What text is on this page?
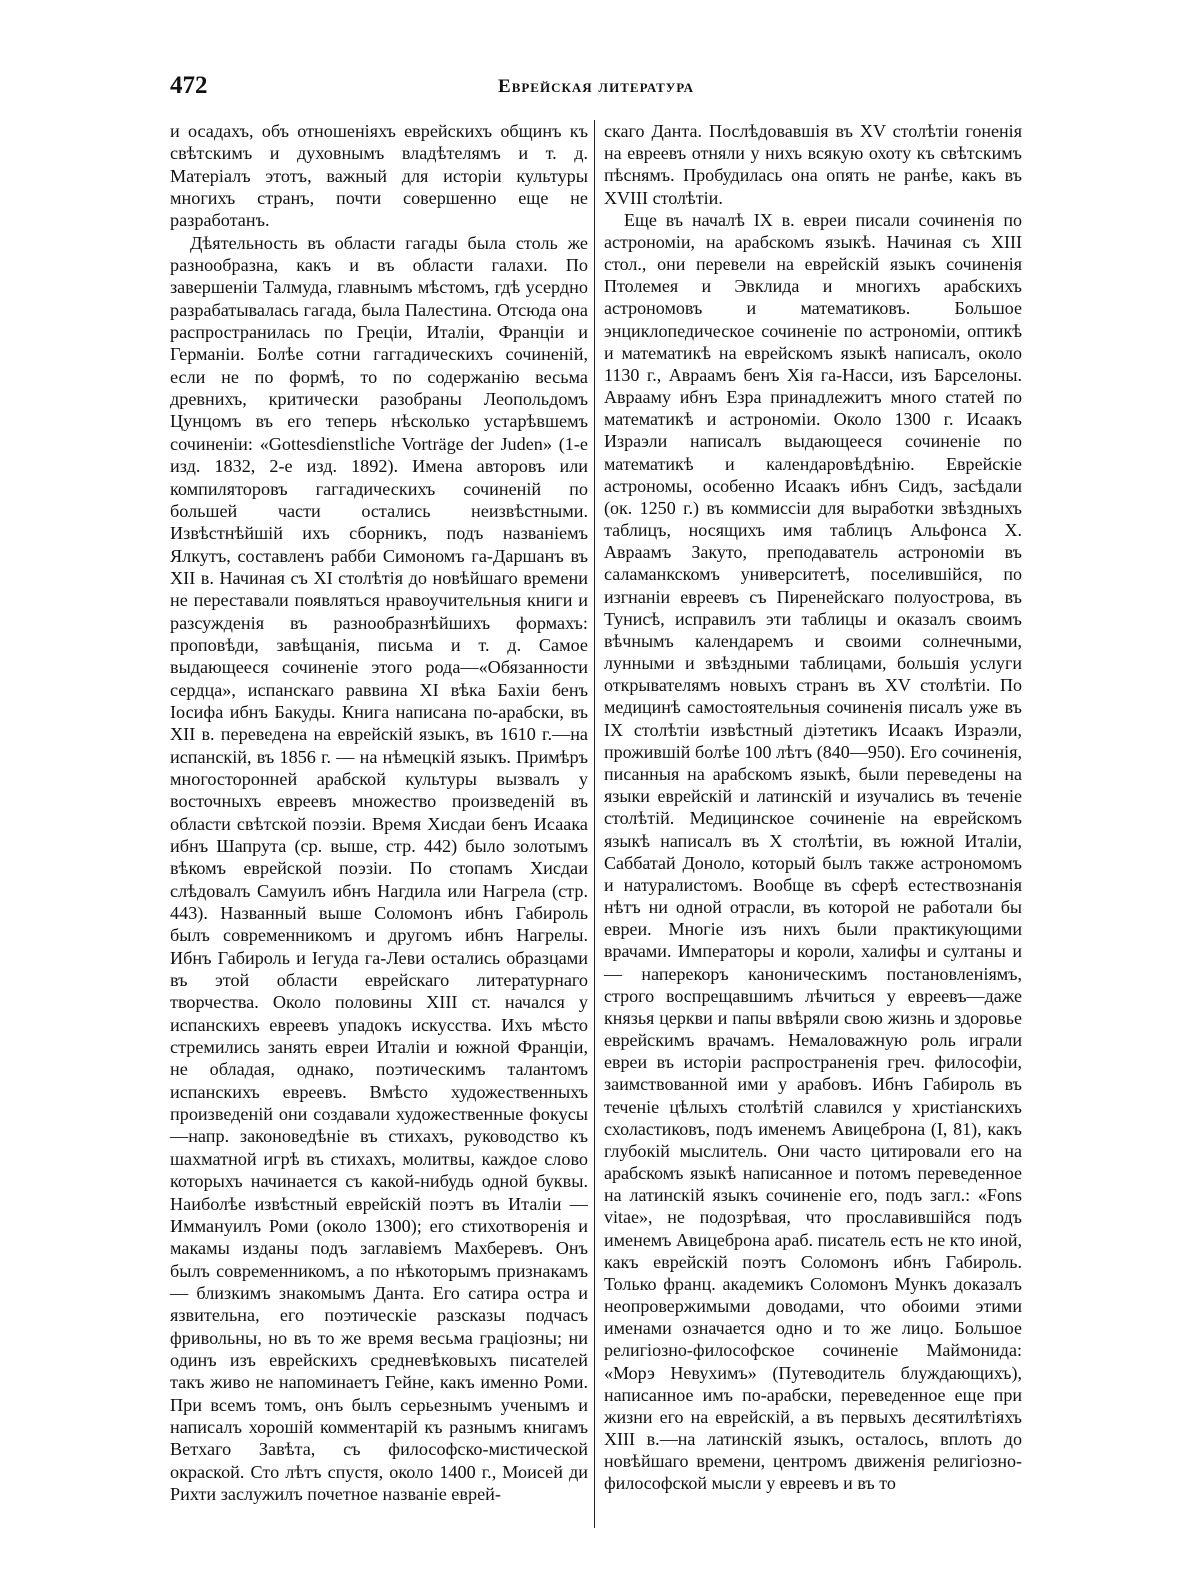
472	Еврейская литература

и осадахъ, объ отношеніяхъ еврейскихъ общинъ къ свѣтскимъ и духовнымъ владѣтелямъ и т. д. Матеріалъ этотъ, важный для исторіи культуры многихъ странъ, почти совершенно еще не разработанъ.

Дѣятельность въ области гагады была столь же разнообразна, какъ и въ области галахи. По завершеніи Талмуда, главнымъ мѣстомъ, гдѣ усердно разрабатывалась гагада, была Палестина. Отсюда она распространилась по Греціи, Италіи, Франціи и Германіи. Болѣе сотни гаггадическихъ сочиненій, если не по формѣ, то по содержанію весьма древнихъ, критически разобраны Леопольдомъ Цунцомъ въ его теперь нѣсколько устарѣвшемъ сочиненіи: «Gottesdienstliche Vorträge der Juden» (1-е изд. 1832, 2-е изд. 1892). Имена авторовъ или компиляторовъ гаггадическихъ сочиненій по большей части остались неизвѣстными. Извѣстнѣйшій ихъ сборникъ, подъ названіемъ Ялкутъ, составленъ рабби Симономъ га-Даршанъ въ XII в. Начиная съ XI столѣтія до новѣйшаго времени не переставали появляться нравоучительныя книги и разсужденія въ разнообразнѣйшихъ формахъ: проповѣди, завѣщанія, письма и т. д. Самое выдающееся сочиненіе этого рода—«Обязанности сердца», испанскаго раввина XI вѣка Бахіи бенъ Іосифа ибнъ Бакуды. Книга написана по-арабски, въ XII в. переведена на еврейскій языкъ, въ 1610 г.—на испанскій, въ 1856 г. — на нѣмецкій языкъ. Примѣръ многосторонней арабской культуры вызвалъ у восточныхъ евреевъ множество произведеній въ области свѣтской поэзіи. Время Хисдаи бенъ Исаака ибнъ Шапрута (ср. выше, стр. 442) было золотымъ вѣкомъ еврейской поэзіи. По стопамъ Хисдаи слѣдовалъ Самуилъ ибнъ Нагдила или Нагрела (стр. 443). Названный выше Соломонъ ибнъ Габироль былъ современникомъ и другомъ ибнъ Нагрелы. Ибнъ Габироль и Іегуда га-Леви остались образцами въ этой области еврейскаго литературнаго творчества. Около половины XIII ст. начался у испанскихъ евреевъ упадокъ искусства. Ихъ мѣсто стремились занять евреи Италіи и южной Франціи, не обладая, однако, поэтическимъ талантомъ испанскихъ евреевъ. Вмѣсто художественныхъ произведеній они создавали художественные фокусы—напр. законоведѣніе въ стихахъ, руководство къ шахматной игрѣ въ стихахъ, молитвы, каждое слово которыхъ начинается съ какой-нибудь одной буквы. Наиболѣе извѣстный еврейскій поэтъ въ Италіи — Иммануилъ Роми (около 1300); его стихотворенія и макамы изданы подъ заглавіемъ Махберевъ. Онъ былъ современникомъ, а по нѣкоторымъ признакамъ — близкимъ знакомымъ Данта. Его сатира остра и язвительна, его поэтическіе разсказы подчасъ фривольны, но въ то же время весьма граціозны; ни одинъ изъ еврейскихъ средневѣковыхъ писателей такъ живо не напоминаетъ Гейне, какъ именно Роми. При всемъ томъ, онъ былъ серьезнымъ ученымъ и написалъ хорошій комментарій къ разнымъ книгамъ Ветхаго Завѣта, съ философско-мистической окраской. Сто лѣтъ спустя, около 1400 г., Моисей ди Рихти заслужилъ почетное названіе еврей-

скаго Данта. Послѣдовавшія въ XV столѣтіи гоненія на евреевъ отняли у нихъ всякую охоту къ свѣтскимъ пѣснямъ. Пробудилась она опять не ранѣе, какъ въ XVIII столѣтіи.

Еще въ началѣ IX в. евреи писали сочиненія по астрономіи, на арабскомъ языкѣ. Начиная съ XIII стол., они перевели на еврейскій языкъ сочиненія Птолемея и Эвклида и многихъ арабскихъ астрономовъ и математиковъ. Большое энциклопедическое сочиненіе по астрономіи, оптикѣ и математикѣ на еврейскомъ языкѣ написалъ, около 1130 г., Авраамъ бенъ Хія га-Насси, изъ Барселоны. Аврааму ибнъ Езра принадлежитъ много статей по математикѣ и астрономіи. Около 1300 г. Исаакъ Израэли написалъ выдающееся сочиненіе по математикѣ и календаровѣдѣнію. Еврейскіе астрономы, особенно Исаакъ ибнъ Сидъ, засѣдали (ок. 1250 г.) въ коммиссіи для выработки звѣздныхъ таблицъ, носящихъ имя таблицъ Альфонса X. Авраамъ Закуто, преподаватель астрономіи въ саламанкскомъ университетѣ, поселившійся, по изгнаніи евреевъ съ Пиренейскаго полуострова, въ Тунисѣ, исправилъ эти таблицы и оказалъ своимъ вѣчнымъ календаремъ и своими солнечными, лунными и звѣздными таблицами, большія услуги открывателямъ новыхъ странъ въ XV столѣтіи. По медицинѣ самостоятельныя сочиненія писалъ уже въ IX столѣтіи извѣстный діэтетикъ Исаакъ Израэли, прожившій болѣе 100 лѣтъ (840—950). Его сочиненія, писанныя на арабскомъ языкѣ, были переведены на языки еврейскій и латинскій и изучались въ теченіе столѣтій. Медицинское сочиненіе на еврейскомъ языкѣ написалъ въ X столѣтіи, въ южной Италіи, Саббатай Доноло, который былъ также астрономомъ и натуралистомъ. Вообще въ сферѣ естествознанія нѣтъ ни одной отрасли, въ которой не работали бы евреи. Многіе изъ нихъ были практикующими врачами. Императоры и короли, халифы и султаны и — наперекоръ каноническимъ постановленіямъ, строго воспрещавшимъ лѣчиться у евреевъ—даже князья церкви и папы ввѣряли свою жизнь и здоровье еврейскимъ врачамъ. Немаловажную роль играли евреи въ исторіи распространенія греч. философіи, заимствованной ими у арабовъ. Ибнъ Габироль въ теченіе цѣлыхъ столѣтій славился у христіанскихъ схоластиковъ, подъ именемъ Авицеброна (I, 81), какъ глубокій мыслитель. Они часто цитировали его на арабскомъ языкѣ написанное и потомъ переведенное на латинскій языкъ сочиненіе его, подъ загл.: «Fons vitae», не подозрѣвая, что прославившійся подъ именемъ Авицеброна араб. писатель есть не кто иной, какъ еврейскій поэтъ Соломонъ ибнъ Габироль. Только франц. академикъ Соломонъ Мункъ доказалъ неопровержимыми доводами, что обоими этими именами означается одно и то же лицо. Большое религіозно-философское сочиненіе Маймонида: «Морэ Невухимъ» (Путеводитель блуждающихъ), написанное имъ по-арабски, переведенное еще при жизни его на еврейскій, а въ первыхъ десятилѣтіяхъ XIII в.—на латинскій языкъ, осталось, вплоть до новѣйшаго времени, центромъ движенія религіозно-философской мысли у евреевъ и въ то
